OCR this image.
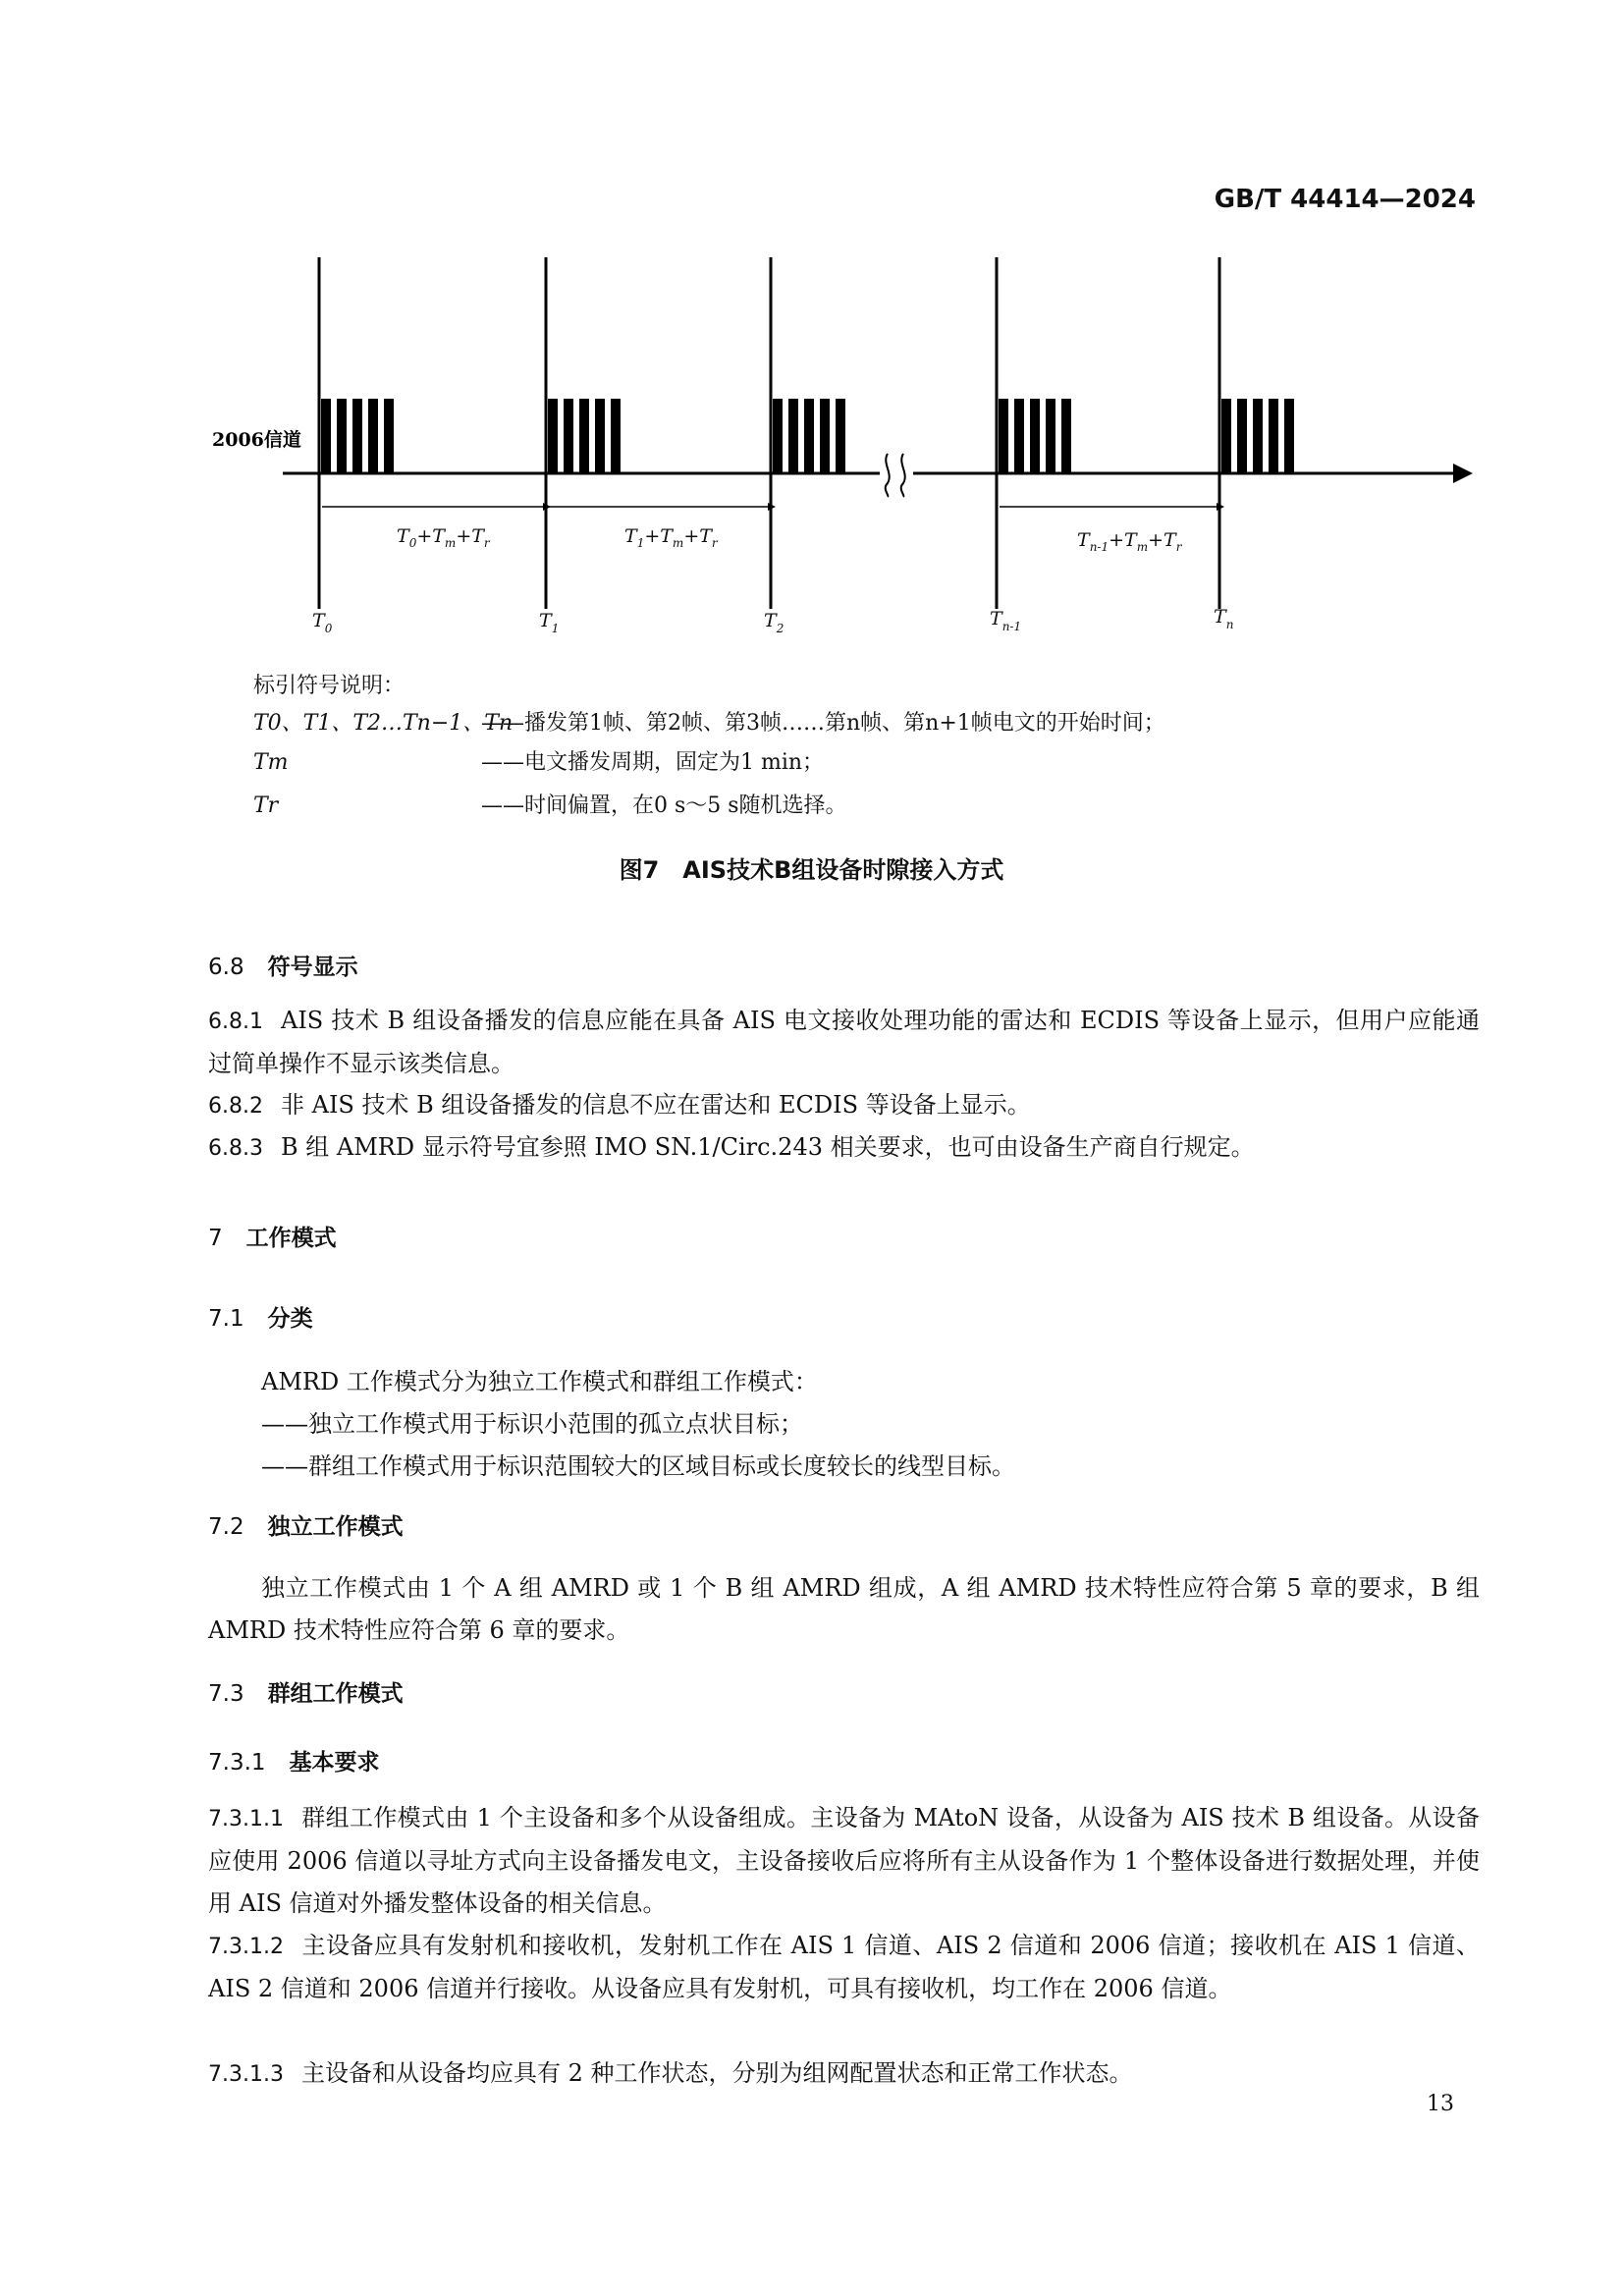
GB/T 44414—2024
2006信道
$T_0+T_m+T_r$	$T_1+T_m+T_r$	$T_{n-1}+T_m+T_r$
$T_0$	$T_1$	$T_2$	$T_{n-1}$	$T_n$
标引符号说明：
T0、T1、T2…Tn−1、Tn——播发第1帧、第2帧、第3帧……第n帧、第n+1帧电文的开始时间；
Tm	——电文播发周期，固定为1 min；
Tr	——时间偏置，在0 s～5 s随机选择。
图7　AIS技术B组设备时隙接入方式
6.8 符号显示
6.8.1 AIS 技术 B 组设备播发的信息应能在具备 AIS 电文接收处理功能的雷达和 ECDIS 等设备上显示，但用户应能通过简单操作不显示该类信息。
6.8.2 非 AIS 技术 B 组设备播发的信息不应在雷达和 ECDIS 等设备上显示。
6.8.3 B 组 AMRD 显示符号宜参照 IMO SN.1/Circ.243 相关要求，也可由设备生产商自行规定。
7 工作模式
7.1 分类
AMRD 工作模式分为独立工作模式和群组工作模式：
——独立工作模式用于标识小范围的孤立点状目标；
——群组工作模式用于标识范围较大的区域目标或长度较长的线型目标。
7.2 独立工作模式
独立工作模式由 1 个 A 组 AMRD 或 1 个 B 组 AMRD 组成，A 组 AMRD 技术特性应符合第 5 章的要求，B 组 AMRD 技术特性应符合第 6 章的要求。
7.3 群组工作模式
7.3.1 基本要求
7.3.1.1 群组工作模式由 1 个主设备和多个从设备组成。主设备为 MAtoN 设备，从设备为 AIS 技术 B 组设备。从设备应使用 2006 信道以寻址方式向主设备播发电文，主设备接收后应将所有主从设备作为 1 个整体设备进行数据处理，并使用 AIS 信道对外播发整体设备的相关信息。
7.3.1.2 主设备应具有发射机和接收机，发射机工作在 AIS 1 信道、AIS 2 信道和 2006 信道；接收机在 AIS 1 信道、AIS 2 信道和 2006 信道并行接收。从设备应具有发射机，可具有接收机，均工作在 2006 信道。
7.3.1.3 主设备和从设备均应具有 2 种工作状态，分别为组网配置状态和正常工作状态。
13
